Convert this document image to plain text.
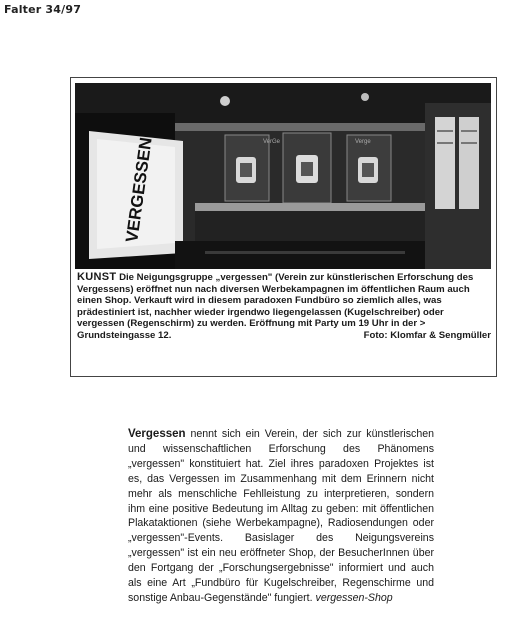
Falter 34/97
VerGe	Verge
VERGESSEN
KUNST Die Neigungsgruppe „vergessen" (Verein zur künstlerischen Erforschung des Vergessens) eröffnet nun nach diversen Werbekampagnen im öffentlichen Raum auch einen Shop. Verkauft wird in diesem paradoxen Fundbüro so ziemlich alles, was prädestiniert ist, nachher wieder irgendwo liegengelassen (Kugelschreiber) oder vergessen (Regenschirm) zu werden. Eröffnung mit Party um 19 Uhr in der > Grundsteingasse 12.	Foto: Klomfar & Sengmüller
Vergessen nennt sich ein Verein, der sich zur künstlerischen und wissenschaftlichen Erforschung des Phänomens „vergessen" konstituiert hat. Ziel ihres paradoxen Projektes ist es, das Vergessen im Zusammenhang mit dem Erinnern nicht mehr als menschliche Fehlleistung zu interpretieren, sondern ihm eine positive Bedeutung im Alltag zu geben: mit öffentlichen Plakataktionen (siehe Werbekampagne), Radiosendungen oder „vergessen"-Events. Basislager des Neigungsvereins „vergessen" ist ein neu eröffneter Shop, der BesucherInnen über den Fortgang der „Forschungsergebnisse" informiert und auch als eine Art „Fundbüro für Kugelschreiber, Regenschirme und sonstige Anbau-Gegenstände" fungiert. vergessen-Shop
